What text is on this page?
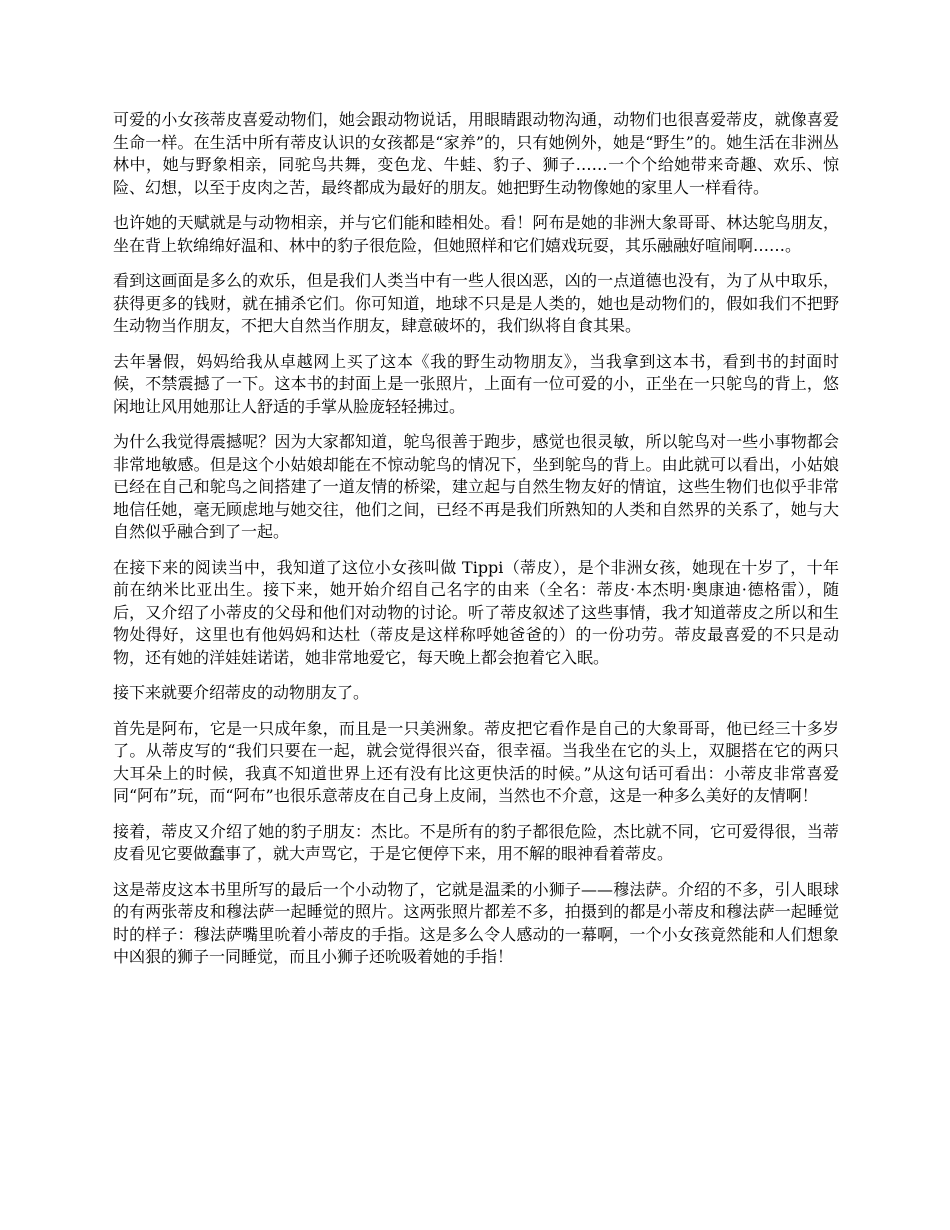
可爱的小女孩蒂皮喜爱动物们，她会跟动物说话，用眼睛跟动物沟通，动物们也很喜爱蒂皮，就像喜爱生命一样。在生活中所有蒂皮认识的女孩都是“家养”的，只有她例外，她是“野生”的。她生活在非洲丛林中，她与野象相亲，同驼鸟共舞，变色龙、牛蛙、豹子、狮子……一个个给她带来奇趣、欢乐、惊险、幻想，以至于皮肉之苦，最终都成为最好的朋友。她把野生动物像她的家里人一样看待。

也许她的天赋就是与动物相亲，并与它们能和睦相处。看！阿布是她的非洲大象哥哥、林达鸵鸟朋友，坐在背上软绵绵好温和、林中的豹子很危险，但她照样和它们嬉戏玩耍，其乐融融好喧闹啊……。

看到这画面是多么的欢乐，但是我们人类当中有一些人很凶恶，凶的一点道德也没有，为了从中取乐，获得更多的钱财，就在捕杀它们。你可知道，地球不只是是人类的，她也是动物们的，假如我们不把野生动物当作朋友，不把大自然当作朋友，肆意破坏的，我们纵将自食其果。

去年暑假，妈妈给我从卓越网上买了这本《我的野生动物朋友》，当我拿到这本书，看到书的封面时候，不禁震撼了一下。这本书的封面上是一张照片，上面有一位可爱的小，正坐在一只鸵鸟的背上，悠闲地让风用她那让人舒适的手掌从脸庞轻轻拂过。

为什么我觉得震撼呢？因为大家都知道，鸵鸟很善于跑步，感觉也很灵敏，所以鸵鸟对一些小事物都会非常地敏感。但是这个小姑娘却能在不惊动鸵鸟的情况下，坐到鸵鸟的背上。由此就可以看出，小姑娘已经在自己和鸵鸟之间搭建了一道友情的桥梁，建立起与自然生物友好的情谊，这些生物们也似乎非常地信任她，毫无顾虑地与她交往，他们之间，已经不再是我们所熟知的人类和自然界的关系了，她与大自然似乎融合到了一起。

在接下来的阅读当中，我知道了这位小女孩叫做 Tippi（蒂皮），是个非洲女孩，她现在十岁了，十年前在纳米比亚出生。接下来，她开始介绍自己名字的由来（全名：蒂皮·本杰明·奥康迪·德格雷），随后，又介绍了小蒂皮的父母和他们对动物的讨论。听了蒂皮叙述了这些事情，我才知道蒂皮之所以和生物处得好，这里也有他妈妈和达杜（蒂皮是这样称呼她爸爸的）的一份功劳。蒂皮最喜爱的不只是动物，还有她的洋娃娃诺诺，她非常地爱它，每天晚上都会抱着它入眠。

接下来就要介绍蒂皮的动物朋友了。

首先是阿布，它是一只成年象，而且是一只美洲象。蒂皮把它看作是自己的大象哥哥，他已经三十多岁了。从蒂皮写的“我们只要在一起，就会觉得很兴奋，很幸福。当我坐在它的头上，双腿搭在它的两只大耳朵上的时候，我真不知道世界上还有没有比这更快活的时候。”从这句话可看出：小蒂皮非常喜爱同“阿布”玩，而“阿布”也很乐意蒂皮在自己身上皮闹，当然也不介意，这是一种多么美好的友情啊！

接着，蒂皮又介绍了她的豹子朋友：杰比。不是所有的豹子都很危险，杰比就不同，它可爱得很，当蒂皮看见它要做蠢事了，就大声骂它，于是它便停下来，用不解的眼神看着蒂皮。

这是蒂皮这本书里所写的最后一个小动物了，它就是温柔的小狮子——穆法萨。介绍的不多，引人眼球的有两张蒂皮和穆法萨一起睡觉的照片。这两张照片都差不多，拍摄到的都是小蒂皮和穆法萨一起睡觉时的样子：穆法萨嘴里吮着小蒂皮的手指。这是多么令人感动的一幕啊，一个小女孩竟然能和人们想象中凶狠的狮子一同睡觉，而且小狮子还吮吸着她的手指！
